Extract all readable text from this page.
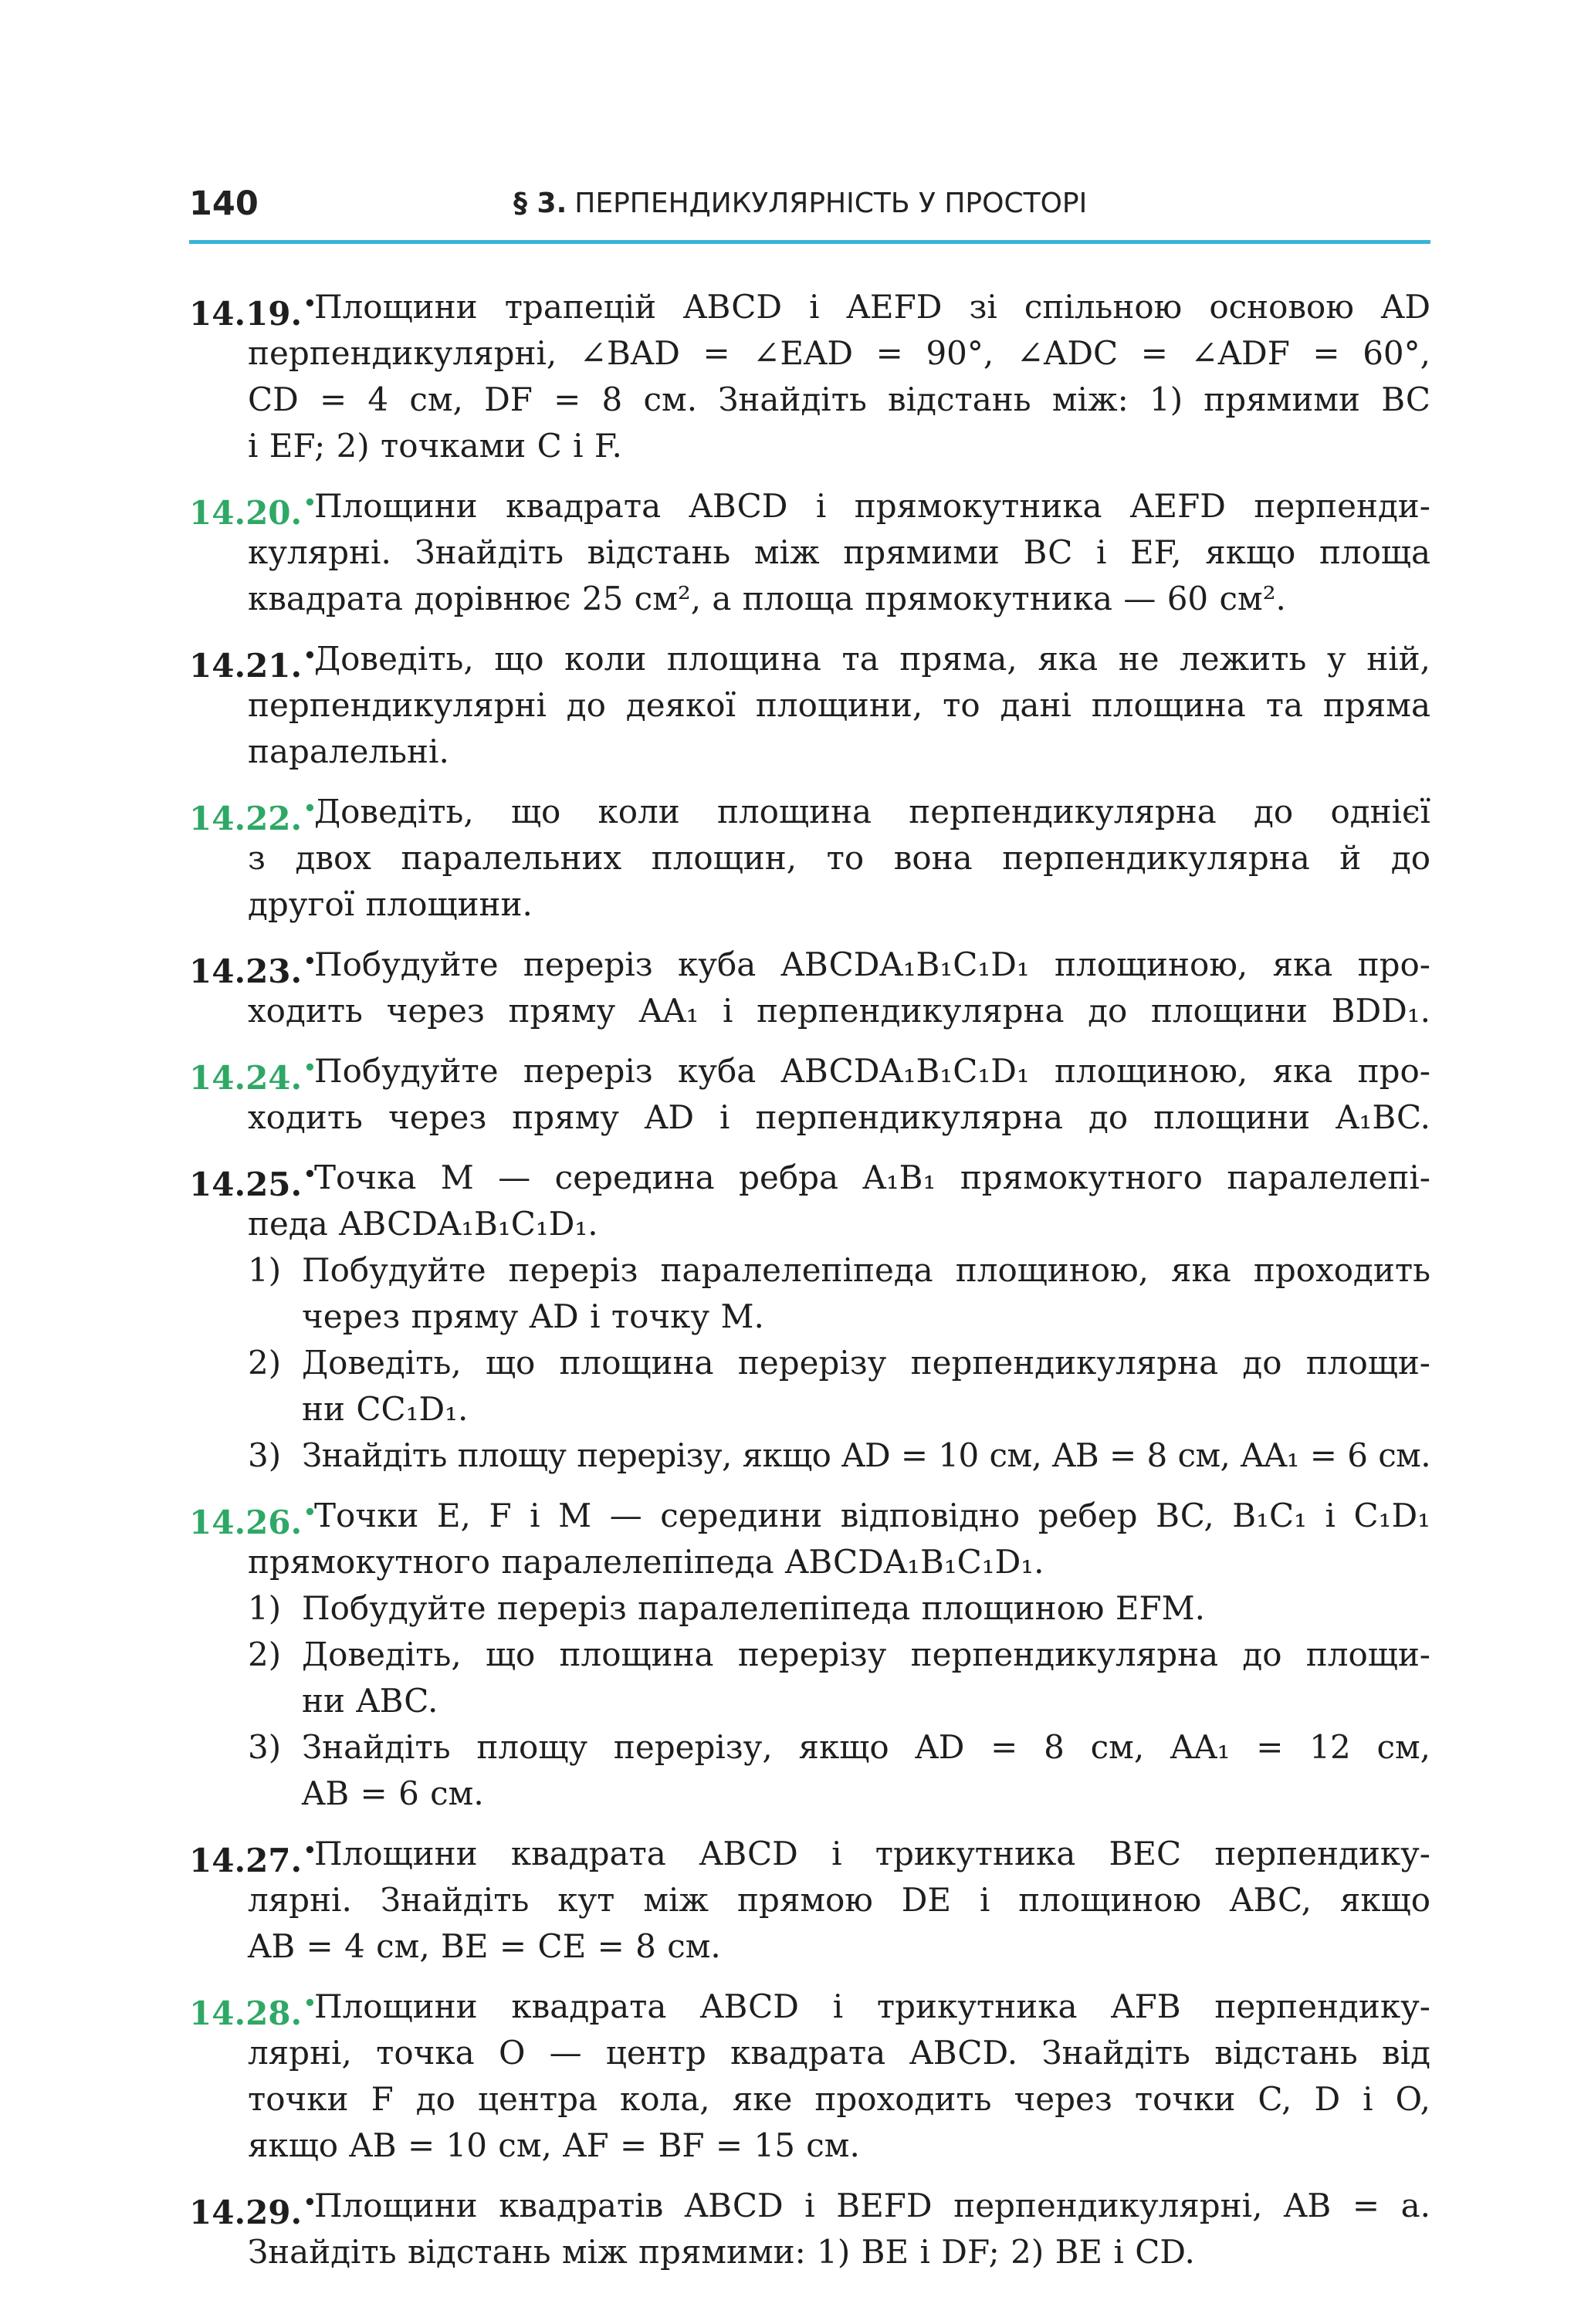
140	§ 3. ПЕРПЕНДИКУЛЯРНІСТЬ У ПРОСТОРІ
14.19.•
Площини трапецій ABCD і AEFD зі спільною основою AD
перпендикулярні, ∠BAD = ∠EAD = 90°, ∠ADC = ∠ADF = 60°,
CD = 4 см, DF = 8 см. Знайдіть відстань між: 1) прямими BC
і EF; 2) точками C і F.
14.20.•
Площини квадрата ABCD і прямокутника AEFD перпенди-
кулярні. Знайдіть відстань між прямими BC і EF, якщо площа
квадрата дорівнює 25 см², а площа прямокутника — 60 см².
14.21.•
Доведіть, що коли площина та пряма, яка не лежить у ній,
перпендикулярні до деякої площини, то дані площина та пряма
паралельні.
14.22.•
Доведіть, що коли площина перпендикулярна до однієї
з двох паралельних площин, то вона перпендикулярна й до
другої площини.
14.23.•
Побудуйте переріз куба ABCDA₁B₁C₁D₁ площиною, яка про-
ходить через пряму AA₁ і перпендикулярна до площини BDD₁.
14.24.•
Побудуйте переріз куба ABCDA₁B₁C₁D₁ площиною, яка про-
ходить через пряму AD і перпендикулярна до площини A₁BC.
14.25.•
Точка M — середина ребра A₁B₁ прямокутного паралелепі-
педа ABCDA₁B₁C₁D₁.
1) Побудуйте переріз паралелепіпеда площиною, яка проходить
через пряму AD і точку M.
2) Доведіть, що площина перерізу перпендикулярна до площи-
ни CC₁D₁.
3) Знайдіть площу перерізу, якщо AD = 10 см, AB = 8 см, AA₁ = 6 см.
14.26.•
Точки E, F і M — середини відповідно ребер BC, B₁C₁ і C₁D₁
прямокутного паралелепіпеда ABCDA₁B₁C₁D₁.
1) Побудуйте переріз паралелепіпеда площиною EFM.
2) Доведіть, що площина перерізу перпендикулярна до площи-
ни ABC.
3) Знайдіть площу перерізу, якщо AD = 8 см, AA₁ = 12 см,
AB = 6 см.
14.27.•
Площини квадрата ABCD і трикутника BEC перпендику-
лярні. Знайдіть кут між прямою DE і площиною ABC, якщо
AB = 4 см, BE = CE = 8 см.
14.28.•
Площини квадрата ABCD і трикутника AFB перпендику-
лярні, точка O — центр квадрата ABCD. Знайдіть відстань від
точки F до центра кола, яке проходить через точки C, D і O,
якщо AB = 10 см, AF = BF = 15 см.
14.29.•
Площини квадратів ABCD і BEFD перпендикулярні, AB = a.
Знайдіть відстань між прямими: 1) BE і DF; 2) BE і CD.
